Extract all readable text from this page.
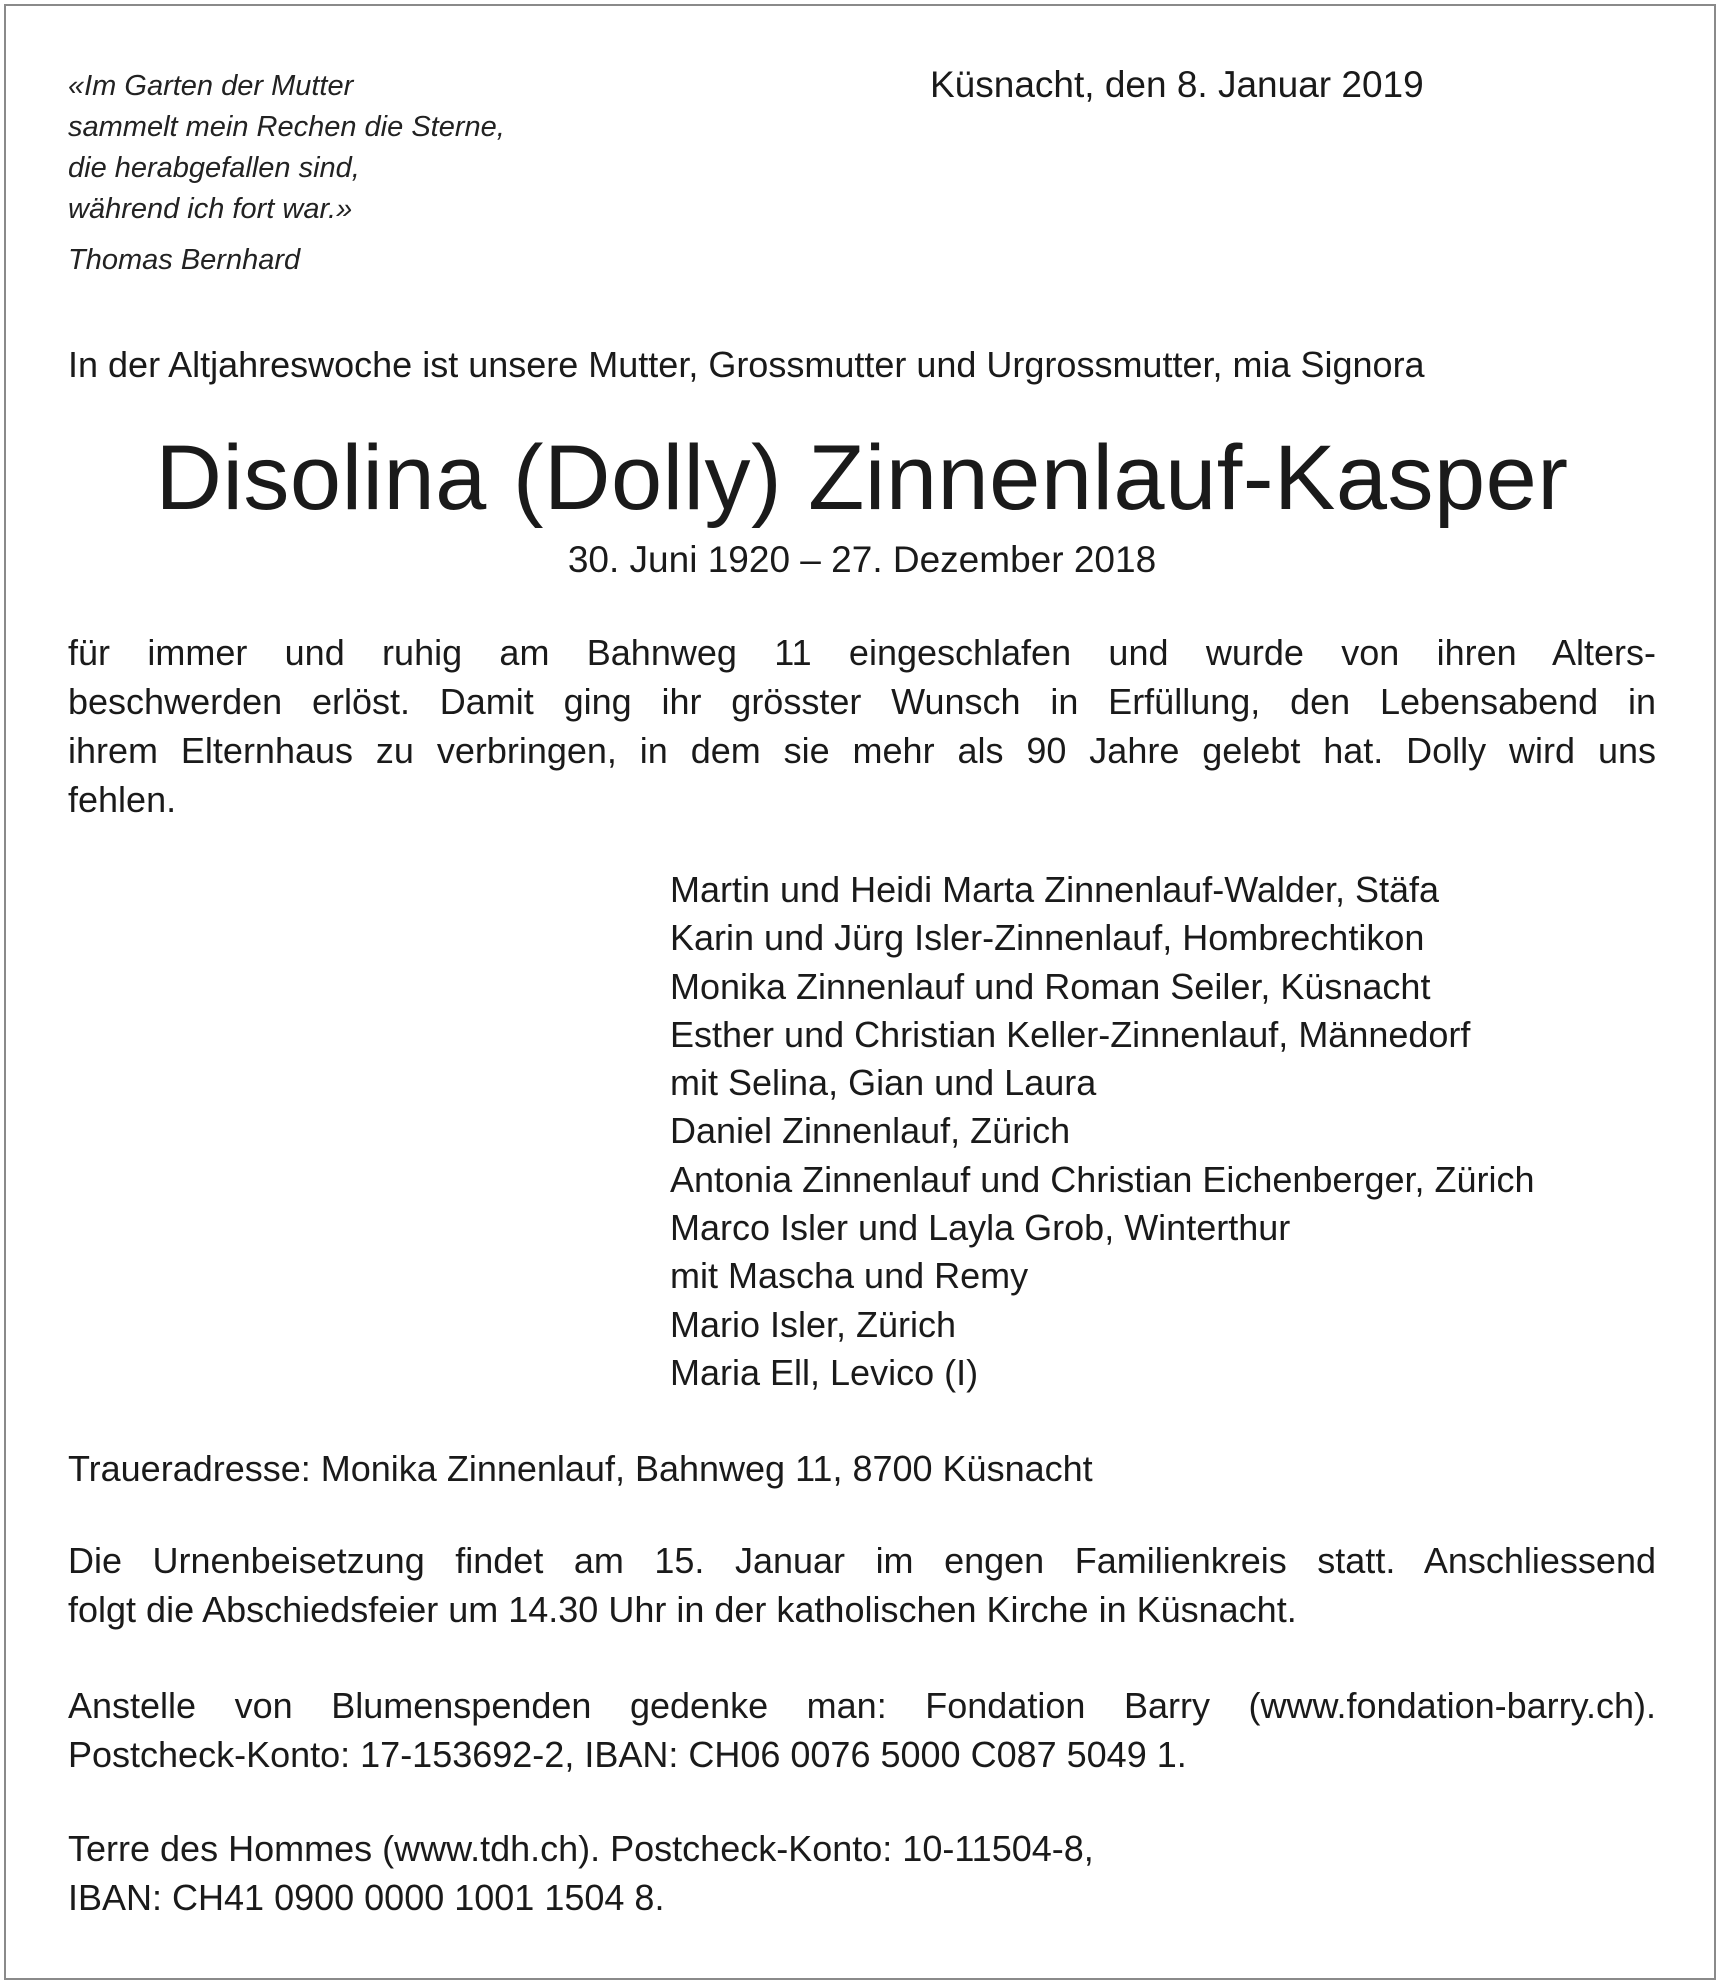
«Im Garten der Mutter
sammelt mein Rechen die Sterne,
die herabgefallen sind,
während ich fort war.»
Thomas Bernhard
Küsnacht, den 8. Januar 2019
In der Altjahreswoche ist unsere Mutter, Grossmutter und Urgrossmutter, mia Signora
Disolina (Dolly) Zinnenlauf-Kasper
30. Juni 1920 – 27. Dezember 2018
für immer und ruhig am Bahnweg 11 eingeschlafen und wurde von ihren Alters-
beschwerden erlöst. Damit ging ihr grösster Wunsch in Erfüllung, den Lebensabend in
ihrem Elternhaus zu verbringen, in dem sie mehr als 90 Jahre gelebt hat. Dolly wird uns
fehlen.
Martin und Heidi Marta Zinnenlauf-Walder, Stäfa
Karin und Jürg Isler-Zinnenlauf, Hombrechtikon
Monika Zinnenlauf und Roman Seiler, Küsnacht
Esther und Christian Keller-Zinnenlauf, Männedorf
mit Selina, Gian und Laura
Daniel Zinnenlauf, Zürich
Antonia Zinnenlauf und Christian Eichenberger, Zürich
Marco Isler und Layla Grob, Winterthur
mit Mascha und Remy
Mario Isler, Zürich
Maria Ell, Levico (I)
Traueradresse: Monika Zinnenlauf, Bahnweg 11, 8700 Küsnacht
Die Urnenbeisetzung findet am 15. Januar im engen Familienkreis statt. Anschliessend
folgt die Abschiedsfeier um 14.30 Uhr in der katholischen Kirche in Küsnacht.
Anstelle von Blumenspenden gedenke man: Fondation Barry (www.fondation-barry.ch).
Postcheck-Konto: 17-153692-2, IBAN: CH06 0076 5000 C087 5049 1.
Terre des Hommes (www.tdh.ch). Postcheck-Konto: 10-11504-8,
IBAN: CH41 0900 0000 1001 1504 8.
